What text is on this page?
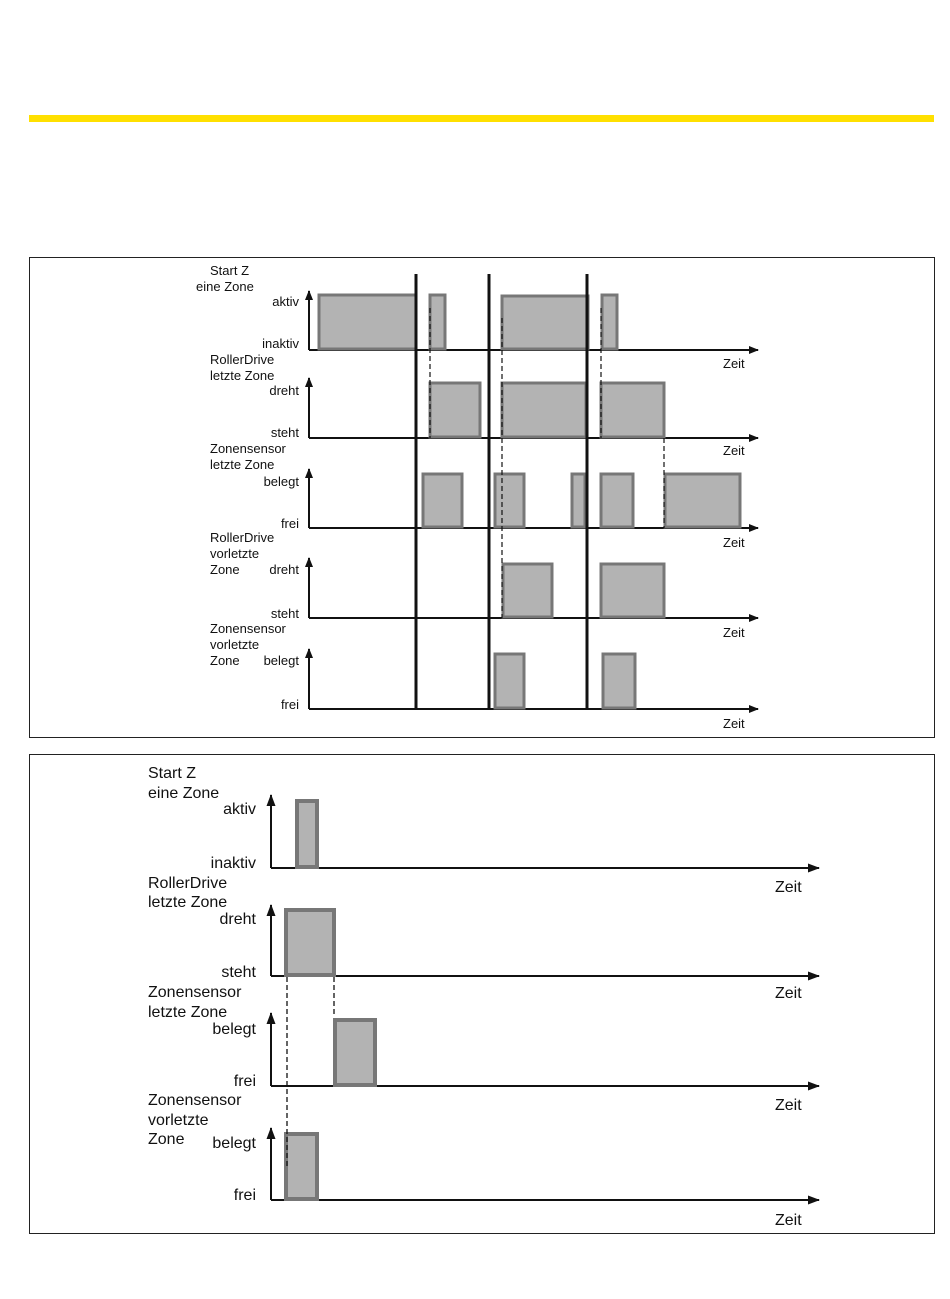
Start Z
eine Zone
aktiv
inaktiv
Zeit
RollerDrive
letzte Zone
dreht
steht
Zeit
Zonensensor
letzte Zone
belegt
frei
Zeit
RollerDrive
vorletzte
Zone dreht
steht
Zeit
Zonensensor
vorletzte
Zone belegt
frei
Zeit
Start Z
eine Zone
aktiv
inaktiv
Zeit
RollerDrive
letzte Zone
dreht
steht
Zeit
Zonensensor
letzte Zone
belegt
frei
Zeit
Zonensensor
vorletzte
Zone belegt
frei
Zeit
